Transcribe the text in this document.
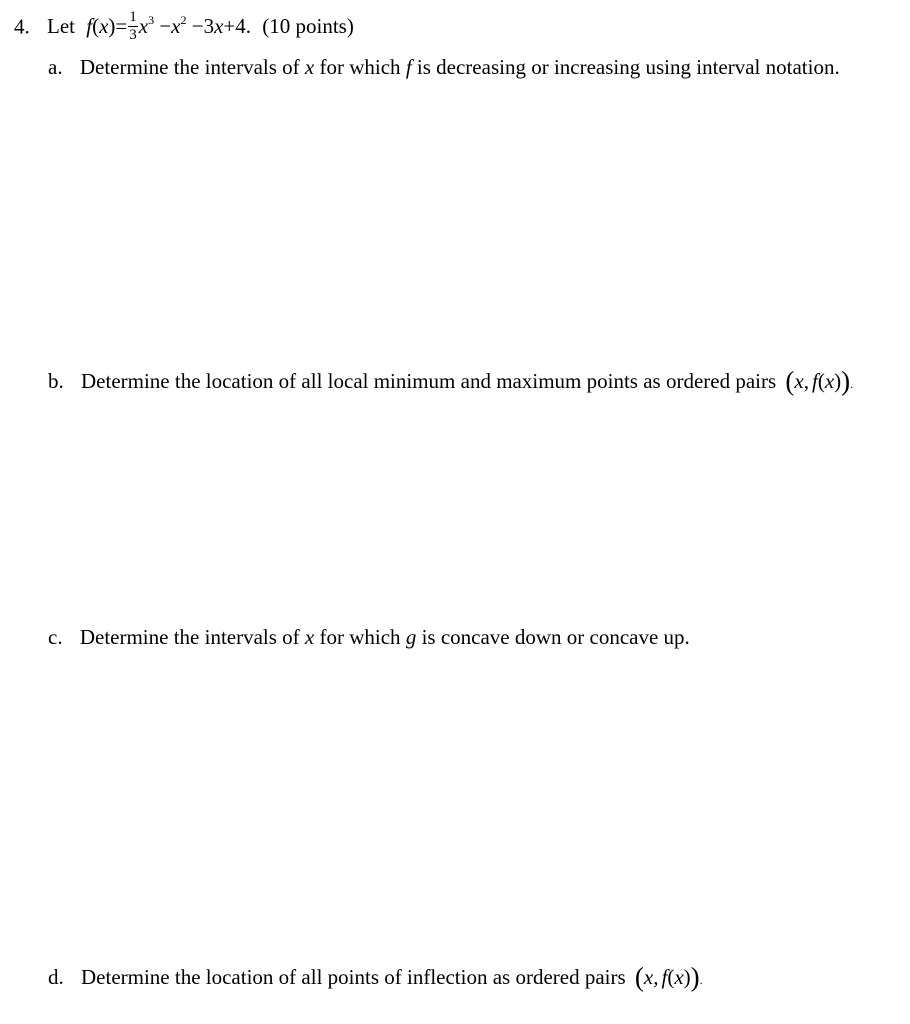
4. Let $f(x)= \frac{1}{3} x^3 -x^2 -3x+4$. (10 points)
a. Determine the intervals of x for which f is decreasing or increasing using interval notation.
b. Determine the location of all local minimum and maximum points as ordered pairs (x, f(x)).
c. Determine the intervals of x for which g is concave down or concave up.
d. Determine the location of all points of inflection as ordered pairs (x, f(x)).
